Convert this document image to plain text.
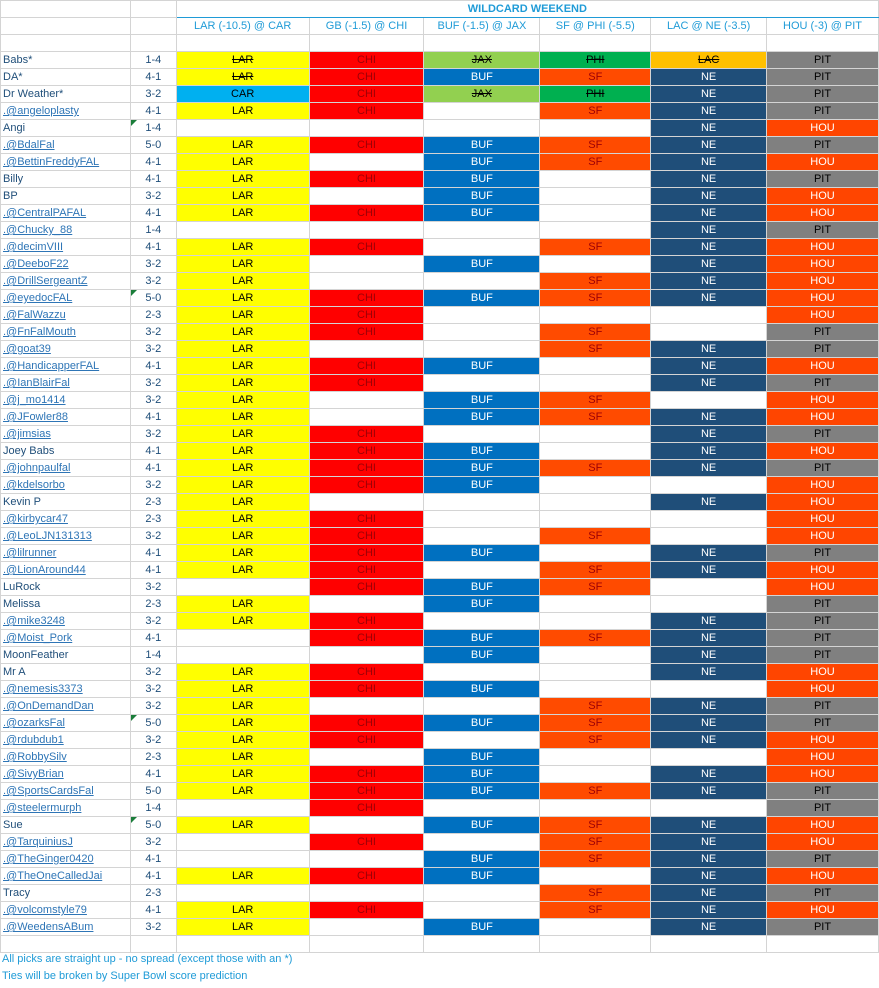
		WILDCARD WEEKEND					
		LAR (-10.5) @ CAR	GB (-1.5) @ CHI	BUF (-1.5) @ JAX	SF @ PHI (-5.5)	LAC @ NE (-3.5)	HOU (-3) @ PIT

Babs*	1-4	LAR	CHI	JAX	PHI	LAC	PIT
DA*	4-1	LAR	CHI	BUF	SF	NE	PIT
Dr Weather*	3-2	CAR	CHI	JAX	PHI	NE	PIT
.@angeloplasty	4-1	LAR	CHI		SF	NE	PIT
Angi	1-4					NE	HOU
.@BdalFal	5-0	LAR	CHI	BUF	SF	NE	PIT
.@BettinFreddyFAL	4-1	LAR		BUF	SF	NE	HOU
Billy	4-1	LAR	CHI	BUF		NE	PIT
BP	3-2	LAR		BUF		NE	HOU
.@CentralPAFAL	4-1	LAR	CHI	BUF		NE	HOU
.@Chucky_88	1-4					NE	PIT
.@decimVIII	4-1	LAR	CHI		SF	NE	HOU
.@DeeboF22	3-2	LAR		BUF		NE	HOU
.@DrillSergeantZ	3-2	LAR			SF	NE	HOU
.@eyedocFAL	5-0	LAR	CHI	BUF	SF	NE	HOU
.@FalWazzu	2-3	LAR	CHI				HOU
.@FnFalMouth	3-2	LAR	CHI		SF		PIT
.@goat39	3-2	LAR			SF	NE	PIT
.@HandicapperFAL	4-1	LAR	CHI	BUF		NE	HOU
.@IanBlairFal	3-2	LAR	CHI			NE	PIT
.@j_mo1414	3-2	LAR		BUF	SF		HOU
.@JFowler88	4-1	LAR		BUF	SF	NE	HOU
.@jimsias	3-2	LAR	CHI			NE	PIT
Joey Babs	4-1	LAR	CHI	BUF		NE	HOU
.@johnpaulfal	4-1	LAR	CHI	BUF	SF	NE	PIT
.@kdelsorbo	3-2	LAR	CHI	BUF			HOU
Kevin P	2-3	LAR				NE	HOU
.@kirbycar47	2-3	LAR	CHI				HOU
.@LeoLJN131313	3-2	LAR	CHI		SF		HOU
.@lilrunner	4-1	LAR	CHI	BUF		NE	PIT
.@LionAround44	4-1	LAR	CHI		SF	NE	HOU
LuRock	3-2		CHI	BUF	SF		HOU
Melissa	2-3	LAR		BUF			PIT
.@mike3248	3-2	LAR	CHI			NE	PIT
.@Moist_Pork	4-1		CHI	BUF	SF	NE	PIT
MoonFeather	1-4			BUF		NE	PIT
Mr A	3-2	LAR	CHI			NE	HOU
.@nemesis3373	3-2	LAR	CHI	BUF			HOU
.@OnDemandDan	3-2	LAR			SF	NE	PIT
.@ozarksFal	5-0	LAR	CHI	BUF	SF	NE	PIT
.@rdubdub1	3-2	LAR	CHI		SF	NE	HOU
.@RobbySilv	2-3	LAR		BUF			HOU
.@SivyBrian	4-1	LAR	CHI	BUF		NE	HOU
.@SportsCardsFal	5-0	LAR	CHI	BUF	SF	NE	PIT
.@steelermurph	1-4		CHI				PIT
Sue	5-0	LAR		BUF	SF	NE	HOU
.@TarquiniusJ	3-2		CHI		SF	NE	HOU
.@TheGinger0420	4-1			BUF	SF	NE	PIT
.@TheOneCalledJai	4-1	LAR	CHI	BUF		NE	HOU
Tracy	2-3				SF	NE	PIT
.@volcomstyle79	4-1	LAR	CHI		SF	NE	HOU
.@WeedensABum	3-2	LAR		BUF		NE	PIT

All picks are straight up - no spread (except those with an *)
Ties will be broken by Super Bowl score prediction
